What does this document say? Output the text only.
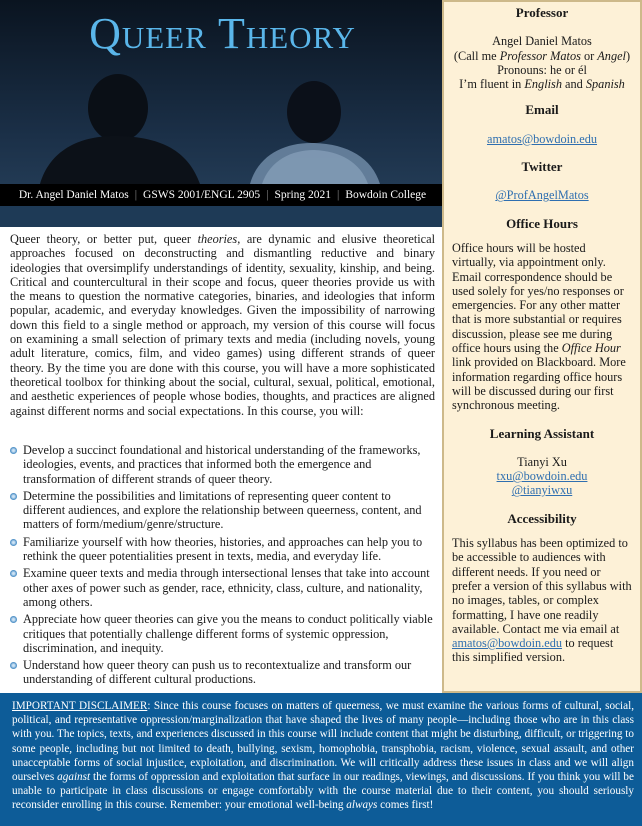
Queer Theory
Dr. Angel Daniel Matos | GSWS 2001/ENGL 2905 | Spring 2021 | Bowdoin College

Queer theory, or better put, queer theories, are dynamic and elusive theoretical approaches focused on deconstructing and dismantling reductive and binary ideologies that oversimplify understandings of identity, sexuality, kinship, and being. Critical and countercultural in their scope and focus, queer theories provide us with the means to question the normative categories, binaries, and ideologies that inform popular, academic, and everyday knowledges. Given the impossibility of narrowing down this field to a single method or approach, my version of this course will focus on examining a small selection of primary texts and media (including novels, young adult literature, comics, film, and video games) using different strands of queer theory. By the time you are done with this course, you will have a more sophisticated theoretical toolbox for thinking about the social, cultural, sexual, political, emotional, and aesthetic experiences of people whose bodies, thoughts, and practices are aligned against different norms and social expectations. In this course, you will:

Develop a succinct foundational and historical understanding of the frameworks, ideologies, events, and practices that informed both the emergence and transformation of different strands of queer theory.
Determine the possibilities and limitations of representing queer content to different audiences, and explore the relationship between queerness, content, and matters of form/medium/genre/structure.
Familiarize yourself with how theories, histories, and approaches can help you to rethink the queer potentialities present in texts, media, and everyday life.
Examine queer texts and media through intersectional lenses that take into account other axes of power such as gender, race, ethnicity, class, culture, and nationality, among others.
Appreciate how queer theories can give you the means to conduct politically viable critiques that potentially challenge different forms of systemic oppression, discrimination, and inequity.
Understand how queer theory can push us to recontextualize and transform our understanding of different cultural productions.
Professor
Angel Daniel Matos
(Call me Professor Matos or Angel)
Pronouns: he or él
I’m fluent in English and Spanish
Email
amatos@bowdoin.edu
Twitter
@ProfAngelMatos
Office Hours

Office hours will be hosted virtually, via appointment only. Email correspondence should be used solely for yes/no responses or emergencies. For any other matter that is more substantial or requires discussion, please see me during office hours using the Office Hour link provided on Blackboard. More information regarding office hours will be discussed during our first synchronous meeting.

Learning Assistant
Tianyi Xu
txu@bowdoin.edu
@tianyiwxu
Accessibility

This syllabus has been optimized to be accessible to audiences with different needs. If you need or prefer a version of this syllabus with no images, tables, or complex formatting, I have one readily available. Contact me via email at amatos@bowdoin.edu to request this simplified version.

IMPORTANT DISCLAIMER: Since this course focuses on matters of queerness, we must examine the various forms of cultural, social, political, and representative oppression/marginalization that have shaped the lives of many people—including those who are in this class with you. The topics, texts, and experiences discussed in this course will include content that might be disturbing, difficult, or triggering to some people, including but not limited to death, bullying, sexism, homophobia, transphobia, racism, violence, sexual assault, and other unacceptable forms of social injustice, exploitation, and discrimination. We will critically address these issues in class and we will align ourselves against the forms of oppression and exploitation that surface in our readings, viewings, and discussions. If you think you will be unable to participate in class discussions or engage comfortably with the course material due to their content, you should seriously reconsider enrolling in this course. Remember: your emotional well-being always comes first!
